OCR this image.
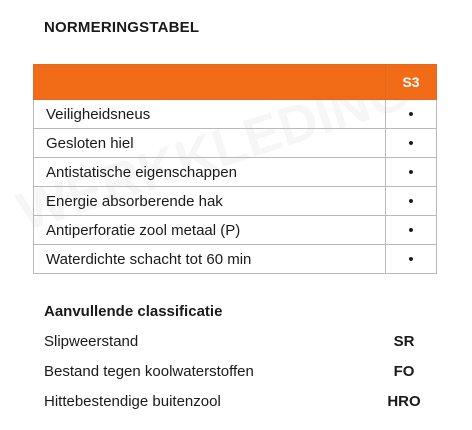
NORMERINGSTABEL
	S3
Veiligheidsneus	•
Gesloten hiel	•
Antistatische eigenschappen	•
Energie absorberende hak	•
Antiperforatie zool metaal (P)	•
Waterdichte schacht tot 60 min	•
Aanvullende classificatie
Slipweerstand	SR
Bestand tegen koolwaterstoffen	FO
Hittebestendige buitenzool	HRO
